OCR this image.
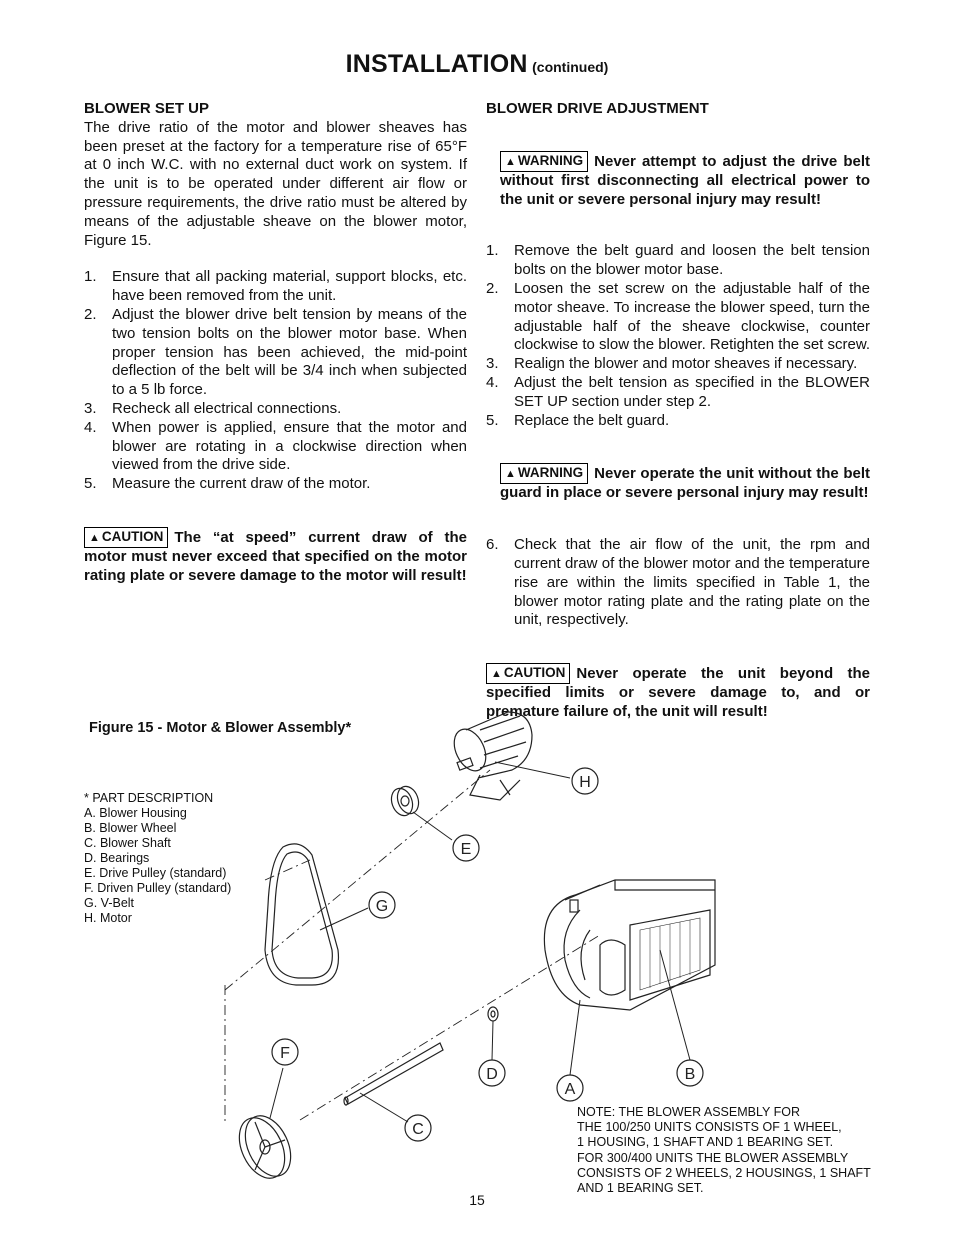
INSTALLATION (continued)

BLOWER SET UP

The drive ratio of the motor and blower sheaves has been preset at the factory for a temperature rise of 65°F at 0 inch W.C. with no external duct work on system. If the unit is to be operated under different air flow or pressure requirements, the drive ratio must be altered by means of the adjustable sheave on the blower motor, Figure 15.

1. Ensure that all packing material, support blocks, etc. have been removed from the unit.
2. Adjust the blower drive belt tension by means of the two tension bolts on the blower motor base. When proper tension has been achieved, the mid-point deflection of the belt will be 3/4 inch when subjected to a 5 lb force.
3. Recheck all electrical connections.
4. When power is applied, ensure that the motor and blower are rotating in a clockwise direction when viewed from the drive side.
5. Measure the current draw of the motor.

▲ CAUTION The “at speed” current draw of the motor must never exceed that specified on the motor rating plate or severe damage to the motor will result!

BLOWER DRIVE ADJUSTMENT

▲ WARNING Never attempt to adjust the drive belt without first disconnecting all electrical power to the unit or severe personal injury may result!

1. Remove the belt guard and loosen the belt tension bolts on the blower motor base.
2. Loosen the set screw on the adjustable half of the motor sheave. To increase the blower speed, turn the adjustable half of the sheave clockwise, counter clockwise to slow the blower. Retighten the set screw.
3. Realign the blower and motor sheaves if necessary.
4. Adjust the belt tension as specified in the BLOWER SET UP section under step 2.
5. Replace the belt guard.

▲ WARNING Never operate the unit without the belt guard in place or severe personal injury may result!

6. Check that the air flow of the unit, the rpm and current draw of the blower motor and the temperature rise are within the limits specified in Table 1, the blower motor rating plate and the rating plate on the unit, respectively.

▲ CAUTION Never operate the unit beyond the specified limits or severe damage to, and or premature failure of, the unit will result!

Figure 15 - Motor & Blower Assembly*
* PART DESCRIPTION
A. Blower Housing
B. Blower Wheel
C. Blower Shaft
D. Bearings
E. Drive Pulley (standard)
F. Driven Pulley (standard)
G. V-Belt
H. Motor
H
E
G
F
D
A
B
C
NOTE: THE BLOWER ASSEMBLY FOR
THE 100/250 UNITS CONSISTS OF 1 WHEEL,
1 HOUSING, 1 SHAFT AND 1 BEARING SET.
FOR 300/400 UNITS THE BLOWER ASSEMBLY
CONSISTS OF 2 WHEELS, 2 HOUSINGS, 1 SHAFT
AND 1 BEARING SET.
15
